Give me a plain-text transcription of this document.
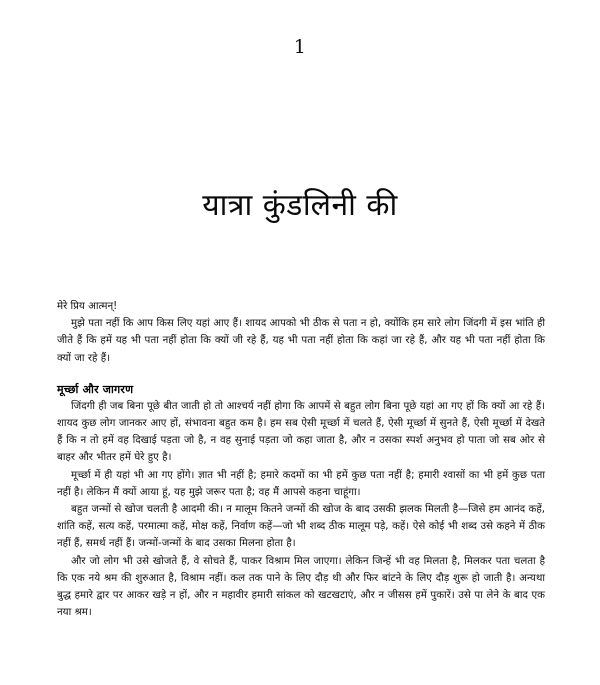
1
यात्रा कुंडलिनी की
मेरे प्रिय आत्मन्!

मुझे पता नहीं कि आप किस लिए यहां आए हैं। शायद आपको भी ठीक से पता न हो, क्योंकि हम सारे लोग जिंदगी में इस भांति ही जीते हैं कि हमें यह भी पता नहीं होता कि क्यों जी रहे हैं, यह भी पता नहीं होता कि कहां जा रहे हैं, और यह भी पता नहीं होता कि क्यों जा रहे हैं।

मूर्च्छा और जागरण

जिंदगी ही जब बिना पूछे बीत जाती हो तो आश्चर्य नहीं होगा कि आपमें से बहुत लोग बिना पूछे यहां आ गए हों कि क्यों आ रहे हैं। शायद कुछ लोग जानकर आए हों, संभावना बहुत कम है। हम सब ऐसी मूर्च्छा में चलते हैं, ऐसी मूर्च्छा में सुनते हैं, ऐसी मूर्च्छा में देखते हैं कि न तो हमें वह दिखाई पड़ता जो है, न वह सुनाई पड़ता जो कहा जाता है, और न उसका स्पर्श अनुभव हो पाता जो सब ओर से बाहर और भीतर हमें घेरे हुए है।

मूर्च्छा में ही यहां भी आ गए होंगे। ज्ञात भी नहीं है; हमारे कदमों का भी हमें कुछ पता नहीं है; हमारी श्वासों का भी हमें कुछ पता नहीं है। लेकिन मैं क्यों आया हूं, यह मुझे जरूर पता है; वह मैं आपसे कहना चाहूंगा।

बहुत जन्मों से खोज चलती है आदमी की। न मालूम कितने जन्मों की खोज के बाद उसकी झलक मिलती है—जिसे हम आनंद कहें, शांति कहें, सत्य कहें, परमात्मा कहें, मोक्ष कहें, निर्वाण कहें—जो भी शब्द ठीक मालूम पड़े, कहें। ऐसे कोई भी शब्द उसे कहने में ठीक नहीं हैं, समर्थ नहीं हैं। जन्मों-जन्मों के बाद उसका मिलना होता है।

और जो लोग भी उसे खोजते हैं, वे सोचते हैं, पाकर विश्राम मिल जाएगा। लेकिन जिन्हें भी वह मिलता है, मिलकर पता चलता है कि एक नये श्रम की शुरुआत है, विश्राम नहीं। कल तक पाने के लिए दौड़ थी और फिर बांटने के लिए दौड़ शुरू हो जाती है। अन्यथा बुद्ध हमारे द्वार पर आकर खड़े न हों, और न महावीर हमारी सांकल को खटखटाएं, और न जीसस हमें पुकारें। उसे पा लेने के बाद एक नया श्रम।
